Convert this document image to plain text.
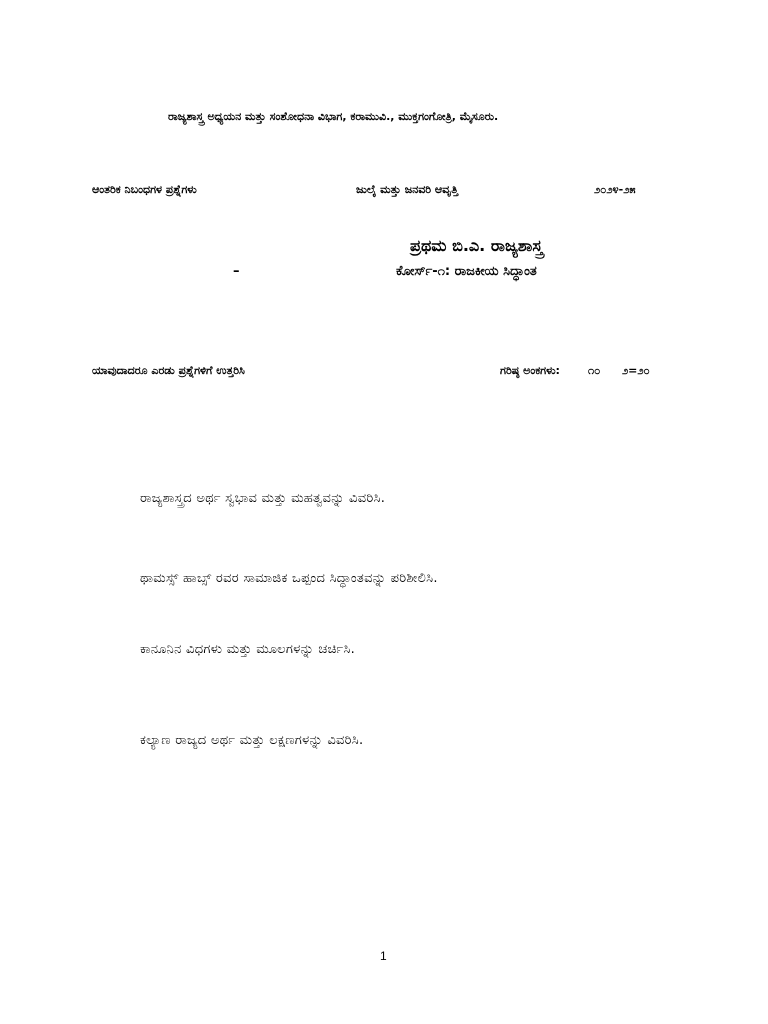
ರಾಜ್ಯಶಾಸ್ತ್ರ ಅಧ್ಯಯನ ಮತ್ತು ಸಂಶೋಧನಾ ವಿಭಾಗ, ಕರಾಮುವಿ., ಮುಕ್ತಗಂಗೋತ್ರಿ, ಮೈಸೂರು.
ಆಂತರಿಕ ನಿಬಂಧಗಳ ಪ್ರಶ್ನೆಗಳು	ಜುಲೈ ಮತ್ತು ಜನವರಿ ಆವೃತ್ತಿ	೨೦೨೪-೨೫
ಪ್ರಥಮ ಬಿ.ಎ. ರಾಜ್ಯಶಾಸ್ತ್ರ
–	ಕೋರ್ಸ್-೧: ರಾಜಕೀಯ ಸಿದ್ಧಾಂತ
ಯಾವುದಾದರೂ ಎರಡು ಪ್ರಶ್ನೆಗಳಿಗೆ ಉತ್ತರಿಸಿ	ಗರಿಷ್ಠ ಅಂಕಗಳು:	೧೦ ೨=೨೦
ರಾಜ್ಯಶಾಸ್ತ್ರದ ಅರ್ಥ ಸ್ವಭಾವ ಮತ್ತು ಮಹತ್ವವನ್ನು ವಿವರಿಸಿ.
ಥಾಮಸ್ಸ್ ಹಾಬ್ಸ್ ರವರ ಸಾಮಾಜಿಕ ಒಪ್ಪಂದ ಸಿದ್ಧಾಂತವನ್ನು ಪರಿಶೀಲಿಸಿ.
ಕಾನೂನಿನ ವಿಧಗಳು ಮತ್ತು ಮೂಲಗಳನ್ನು ಚರ್ಚಿಸಿ.
ಕಲ್ಯಾಣ ರಾಜ್ಯದ ಅರ್ಥ ಮತ್ತು ಲಕ್ಷಣಗಳನ್ನು ವಿವರಿಸಿ.
1
